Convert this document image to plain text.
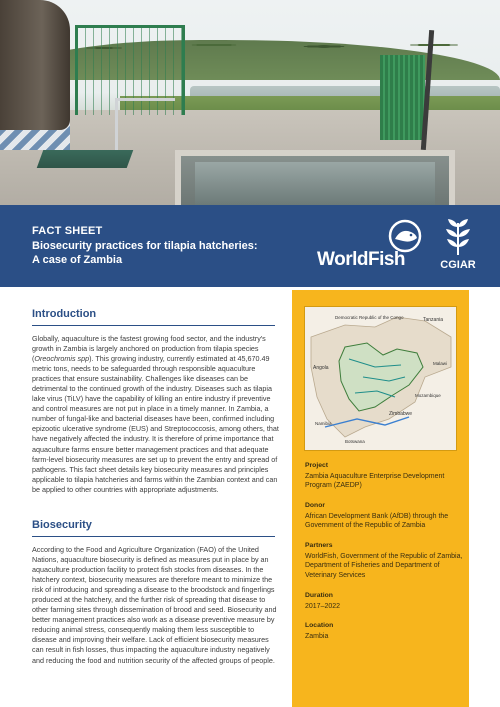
FACT SHEET
Biosecurity practices for tilapia hatcheries:
A case of Zambia	WorldFish	CGIAR
Introduction
Globally, aquaculture is the fastest growing food sector, and the industry's growth in Zambia is largely anchored on production from tilapia species (Oreochromis spp). This growing industry, currently estimated at 45,670.49 metric tons, needs to be safeguarded through responsible aquaculture practices that ensure sustainability. Challenges like diseases can be detrimental to the continued growth of the industry. Diseases such as tilapia lake virus (TiLV) have the capability of killing an entire industry if preventive and control measures are not put in place in a timely manner. In Zambia, a number of fungal-like and bacterial diseases have been, confirmed including epizootic ulcerative syndrome (EUS) and Streptococcosis, among others, that have negatively affected the industry. It is therefore of prime importance that aquaculture farms ensure better management practices and that adequate farm-level biosecurity measures are set up to prevent the entry and spread of pathogens. This fact sheet details key biosecurity measures and principles applicable to tilapia hatcheries and farms within the Zambian context and can be applied to other countries with appropriate adjustments.
Biosecurity
According to the Food and Agriculture Organization (FAO) of the United Nations, aquaculture biosecurity is defined as measures put in place by an aquaculture production facility to protect fish stocks from diseases. In the hatchery context, biosecurity measures are therefore meant to minimize the risk of introducing and spreading a disease to the broodstock and fingerlings produced at the hatchery, and the further risk of spreading that disease to other farming sites through dissemination of brood and seed. Biosecurity and better management practices also work as a disease preventive measure by reducing animal stress, consequently making them less susceptible to disease and improving their welfare. Lack of efficient biosecurity measures can result in fish losses, thus impacting the aquaculture industry negatively and reducing the food and nutrition security of the affected groups of people.
Tanzania
Democratic Republic of the Congo
Angola
Malawi
Mozambique
Zimbabwe
Namibia
Botswana
Project
Zambia Aquaculture Enterprise Development Program (ZAEDP)
Donor
African Development Bank (AfDB) through the Government of the Republic of Zambia
Partners
WorldFish, Government of the Republic of Zambia, Department of Fisheries and Department of Veterinary Services
Duration
2017–2022
Location
Zambia
